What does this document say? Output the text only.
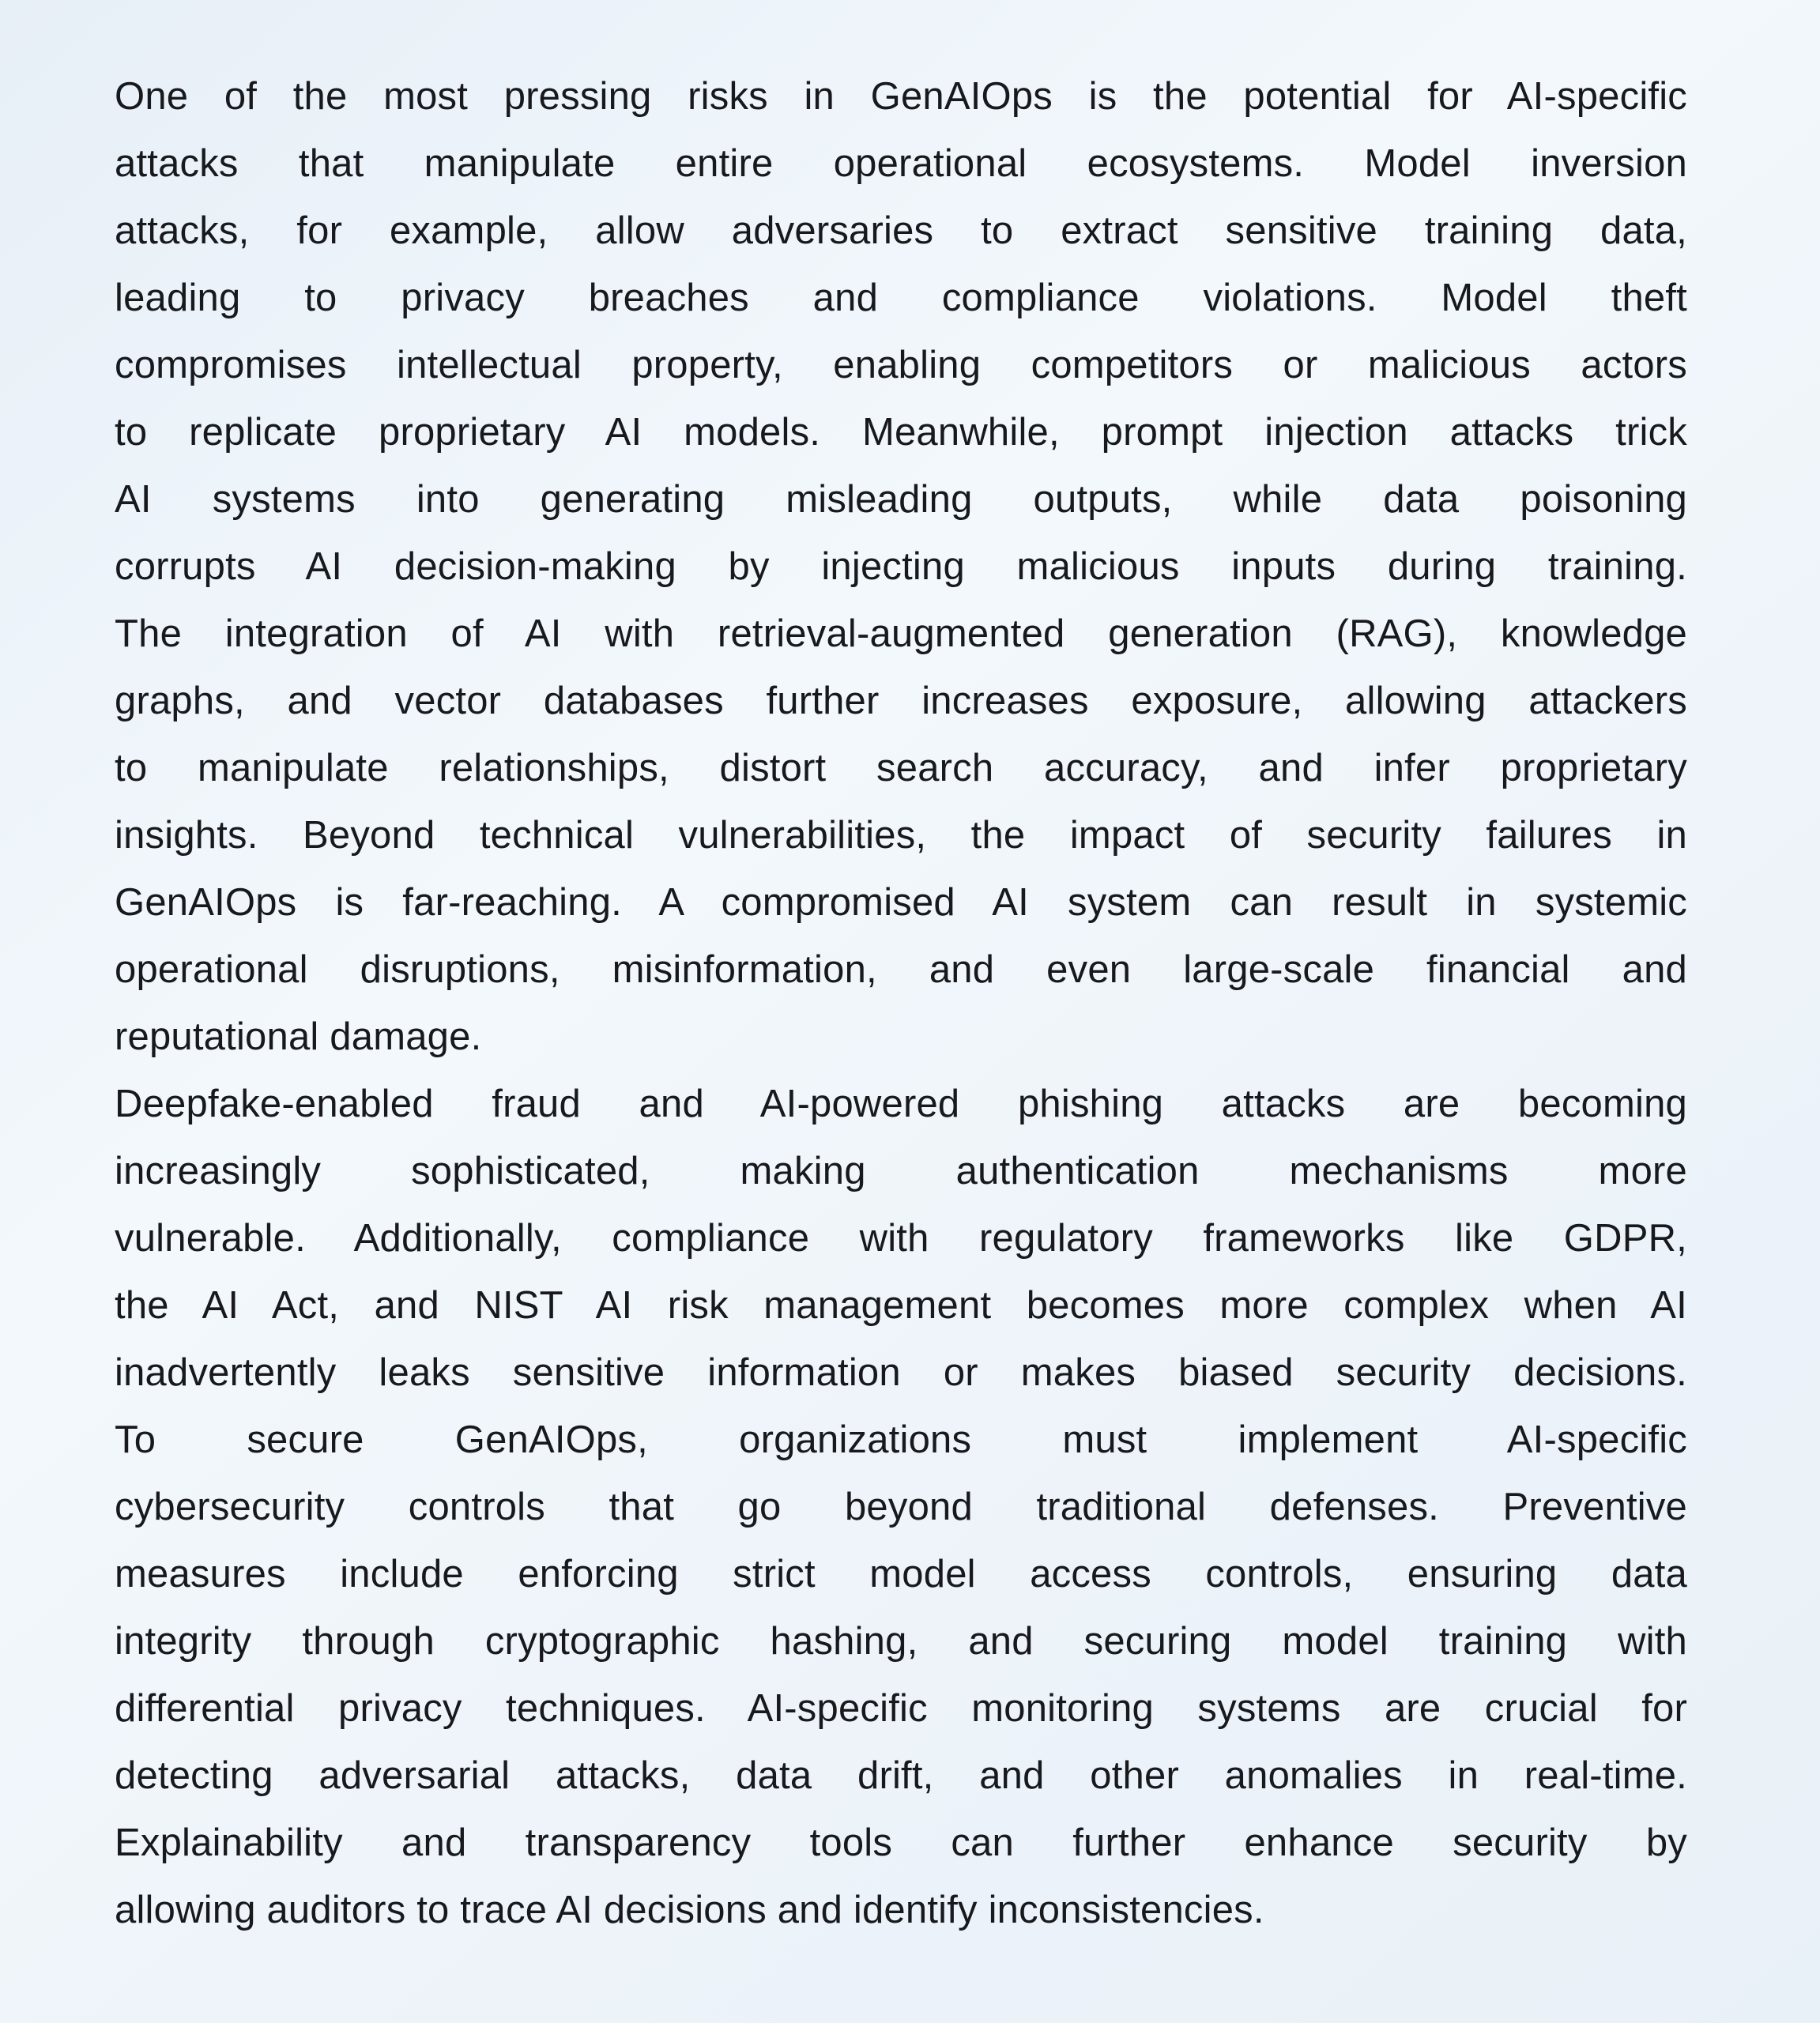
One of the most pressing risks in GenAIOps is the potential for AI-specific
attacks that manipulate entire operational ecosystems. Model inversion
attacks, for example, allow adversaries to extract sensitive training data,
leading to privacy breaches and compliance violations. Model theft
compromises intellectual property, enabling competitors or malicious actors
to replicate proprietary AI models. Meanwhile, prompt injection attacks trick
AI systems into generating misleading outputs, while data poisoning
corrupts AI decision-making by injecting malicious inputs during training.
The integration of AI with retrieval-augmented generation (RAG), knowledge
graphs, and vector databases further increases exposure, allowing attackers
to manipulate relationships, distort search accuracy, and infer proprietary
insights. Beyond technical vulnerabilities, the impact of security failures in
GenAIOps is far-reaching. A compromised AI system can result in systemic
operational disruptions, misinformation, and even large-scale financial and
reputational damage.

Deepfake-enabled fraud and AI-powered phishing attacks are becoming
increasingly sophisticated, making authentication mechanisms more
vulnerable. Additionally, compliance with regulatory frameworks like GDPR,
the AI Act, and NIST AI risk management becomes more complex when AI
inadvertently leaks sensitive information or makes biased security decisions.
To secure GenAIOps, organizations must implement AI-specific
cybersecurity controls that go beyond traditional defenses. Preventive
measures include enforcing strict model access controls, ensuring data
integrity through cryptographic hashing, and securing model training with
differential privacy techniques. AI-specific monitoring systems are crucial for
detecting adversarial attacks, data drift, and other anomalies in real-time.
Explainability and transparency tools can further enhance security by
allowing auditors to trace AI decisions and identify inconsistencies.
